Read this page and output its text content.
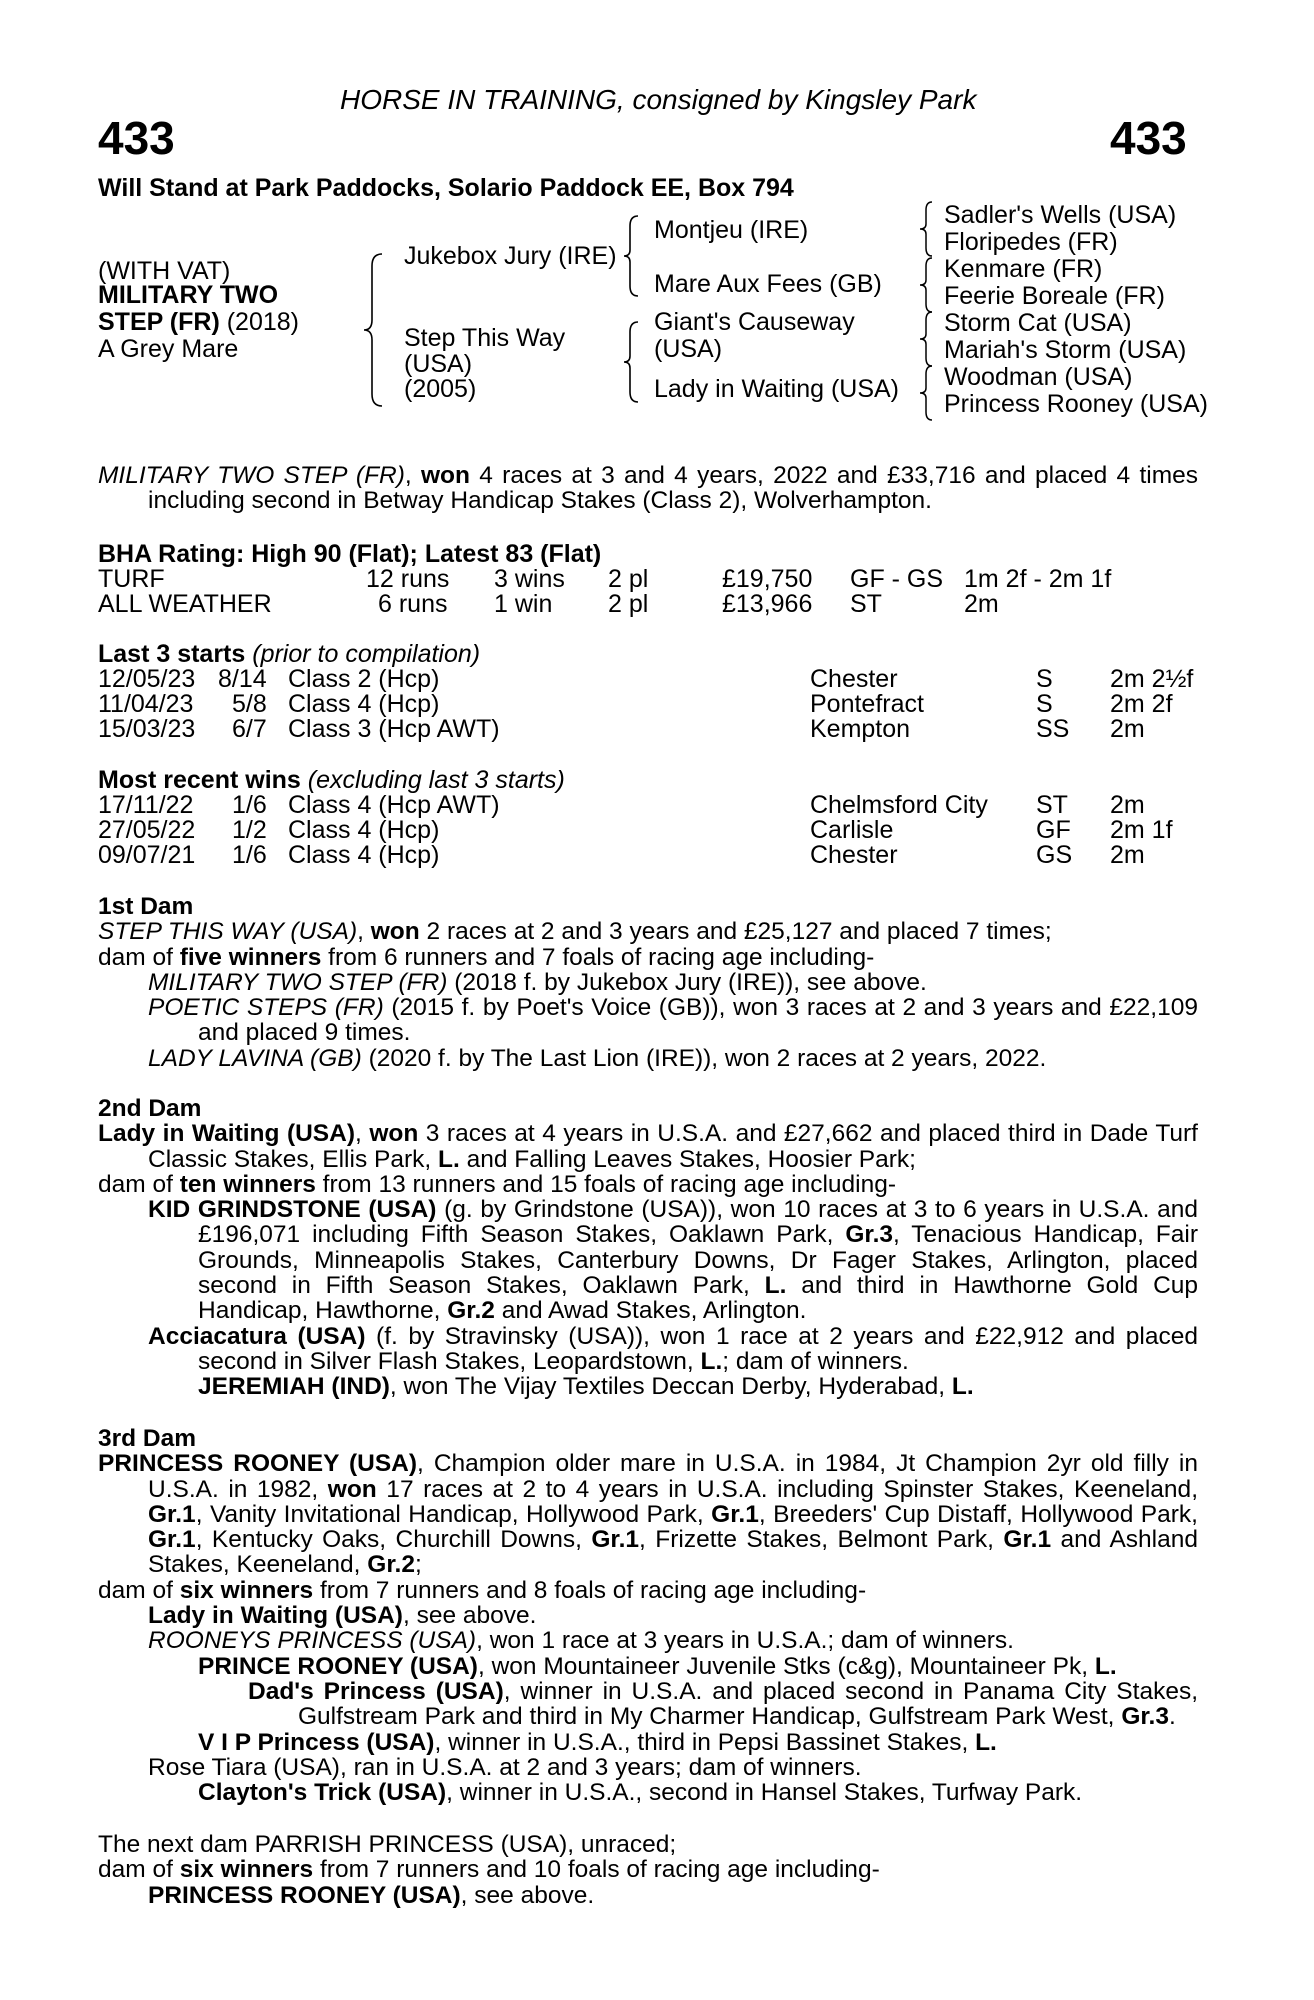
HORSE IN TRAINING, consigned by Kingsley Park
433	433
Will Stand at Park Paddocks, Solario Paddock EE, Box 794
(WITH VAT)
MILITARY TWO
STEP (FR) (2018)
A Grey Mare
Jukebox Jury (IRE)
Step This Way
(USA)
(2005)
Montjeu (IRE)
Mare Aux Fees (GB)
Giant's Causeway
(USA)
Lady in Waiting (USA)
Sadler's Wells (USA)
Floripedes (FR)
Kenmare (FR)
Feerie Boreale (FR)
Storm Cat (USA)
Mariah's Storm (USA)
Woodman (USA)
Princess Rooney (USA)

MILITARY TWO STEP (FR), won 4 races at 3 and 4 years, 2022 and £33,716 and placed 4 times including second in Betway Handicap Stakes (Class 2), Wolverhampton.

BHA Rating: High 90 (Flat); Latest 83 (Flat)
TURF	12 runs 3 wins 2 pl	£19,750 GF - GS 1m 2f - 2m 1f
ALL WEATHER	6 runs 1 win 2 pl	£13,966 ST	2m
Last 3 starts (prior to compilation)
12/05/23 8/14 Class 2 (Hcp)	Chester	S 2m 2½f
11/04/23 5/8 Class 4 (Hcp)	Pontefract	S 2m 2f
15/03/23 6/7 Class 3 (Hcp AWT)	Kempton	SS 2m
Most recent wins (excluding last 3 starts)
17/11/22 1/6 Class 4 (Hcp AWT)	Chelmsford City ST 2m
27/05/22 1/2 Class 4 (Hcp)	Carlisle	GF 2m 1f
09/07/21 1/6 Class 4 (Hcp)	Chester	GS 2m

1st Dam

STEP THIS WAY (USA), won 2 races at 2 and 3 years and £25,127 and placed 7 times;

dam of five winners from 6 runners and 7 foals of racing age including-

MILITARY TWO STEP (FR) (2018 f. by Jukebox Jury (IRE)), see above.

POETIC STEPS (FR) (2015 f. by Poet's Voice (GB)), won 3 races at 2 and 3 years and £22,109 and placed 9 times.

LADY LAVINA (GB) (2020 f. by The Last Lion (IRE)), won 2 races at 2 years, 2022.

2nd Dam

Lady in Waiting (USA), won 3 races at 4 years in U.S.A. and £27,662 and placed third in Dade Turf Classic Stakes, Ellis Park, L. and Falling Leaves Stakes, Hoosier Park;

dam of ten winners from 13 runners and 15 foals of racing age including-

KID GRINDSTONE (USA) (g. by Grindstone (USA)), won 10 races at 3 to 6 years in U.S.A. and £196,071 including Fifth Season Stakes, Oaklawn Park, Gr.3, Tenacious Handicap, Fair Grounds, Minneapolis Stakes, Canterbury Downs, Dr Fager Stakes, Arlington, placed second in Fifth Season Stakes, Oaklawn Park, L. and third in Hawthorne Gold Cup Handicap, Hawthorne, Gr.2 and Awad Stakes, Arlington.

Acciacatura (USA) (f. by Stravinsky (USA)), won 1 race at 2 years and £22,912 and placed second in Silver Flash Stakes, Leopardstown, L.; dam of winners.

JEREMIAH (IND), won The Vijay Textiles Deccan Derby, Hyderabad, L.

3rd Dam

PRINCESS ROONEY (USA), Champion older mare in U.S.A. in 1984, Jt Champion 2yr old filly in U.S.A. in 1982, won 17 races at 2 to 4 years in U.S.A. including Spinster Stakes, Keeneland, Gr.1, Vanity Invitational Handicap, Hollywood Park, Gr.1, Breeders' Cup Distaff, Hollywood Park, Gr.1, Kentucky Oaks, Churchill Downs, Gr.1, Frizette Stakes, Belmont Park, Gr.1 and Ashland Stakes, Keeneland, Gr.2;

dam of six winners from 7 runners and 8 foals of racing age including-

Lady in Waiting (USA), see above.

ROONEYS PRINCESS (USA), won 1 race at 3 years in U.S.A.; dam of winners.

PRINCE ROONEY (USA), won Mountaineer Juvenile Stks (c&g), Mountaineer Pk, L.

Dad's Princess (USA), winner in U.S.A. and placed second in Panama City Stakes, Gulfstream Park and third in My Charmer Handicap, Gulfstream Park West, Gr.3.

V I P Princess (USA), winner in U.S.A., third in Pepsi Bassinet Stakes, L.

Rose Tiara (USA), ran in U.S.A. at 2 and 3 years; dam of winners.

Clayton's Trick (USA), winner in U.S.A., second in Hansel Stakes, Turfway Park.

The next dam PARRISH PRINCESS (USA), unraced;

dam of six winners from 7 runners and 10 foals of racing age including-

PRINCESS ROONEY (USA), see above.
